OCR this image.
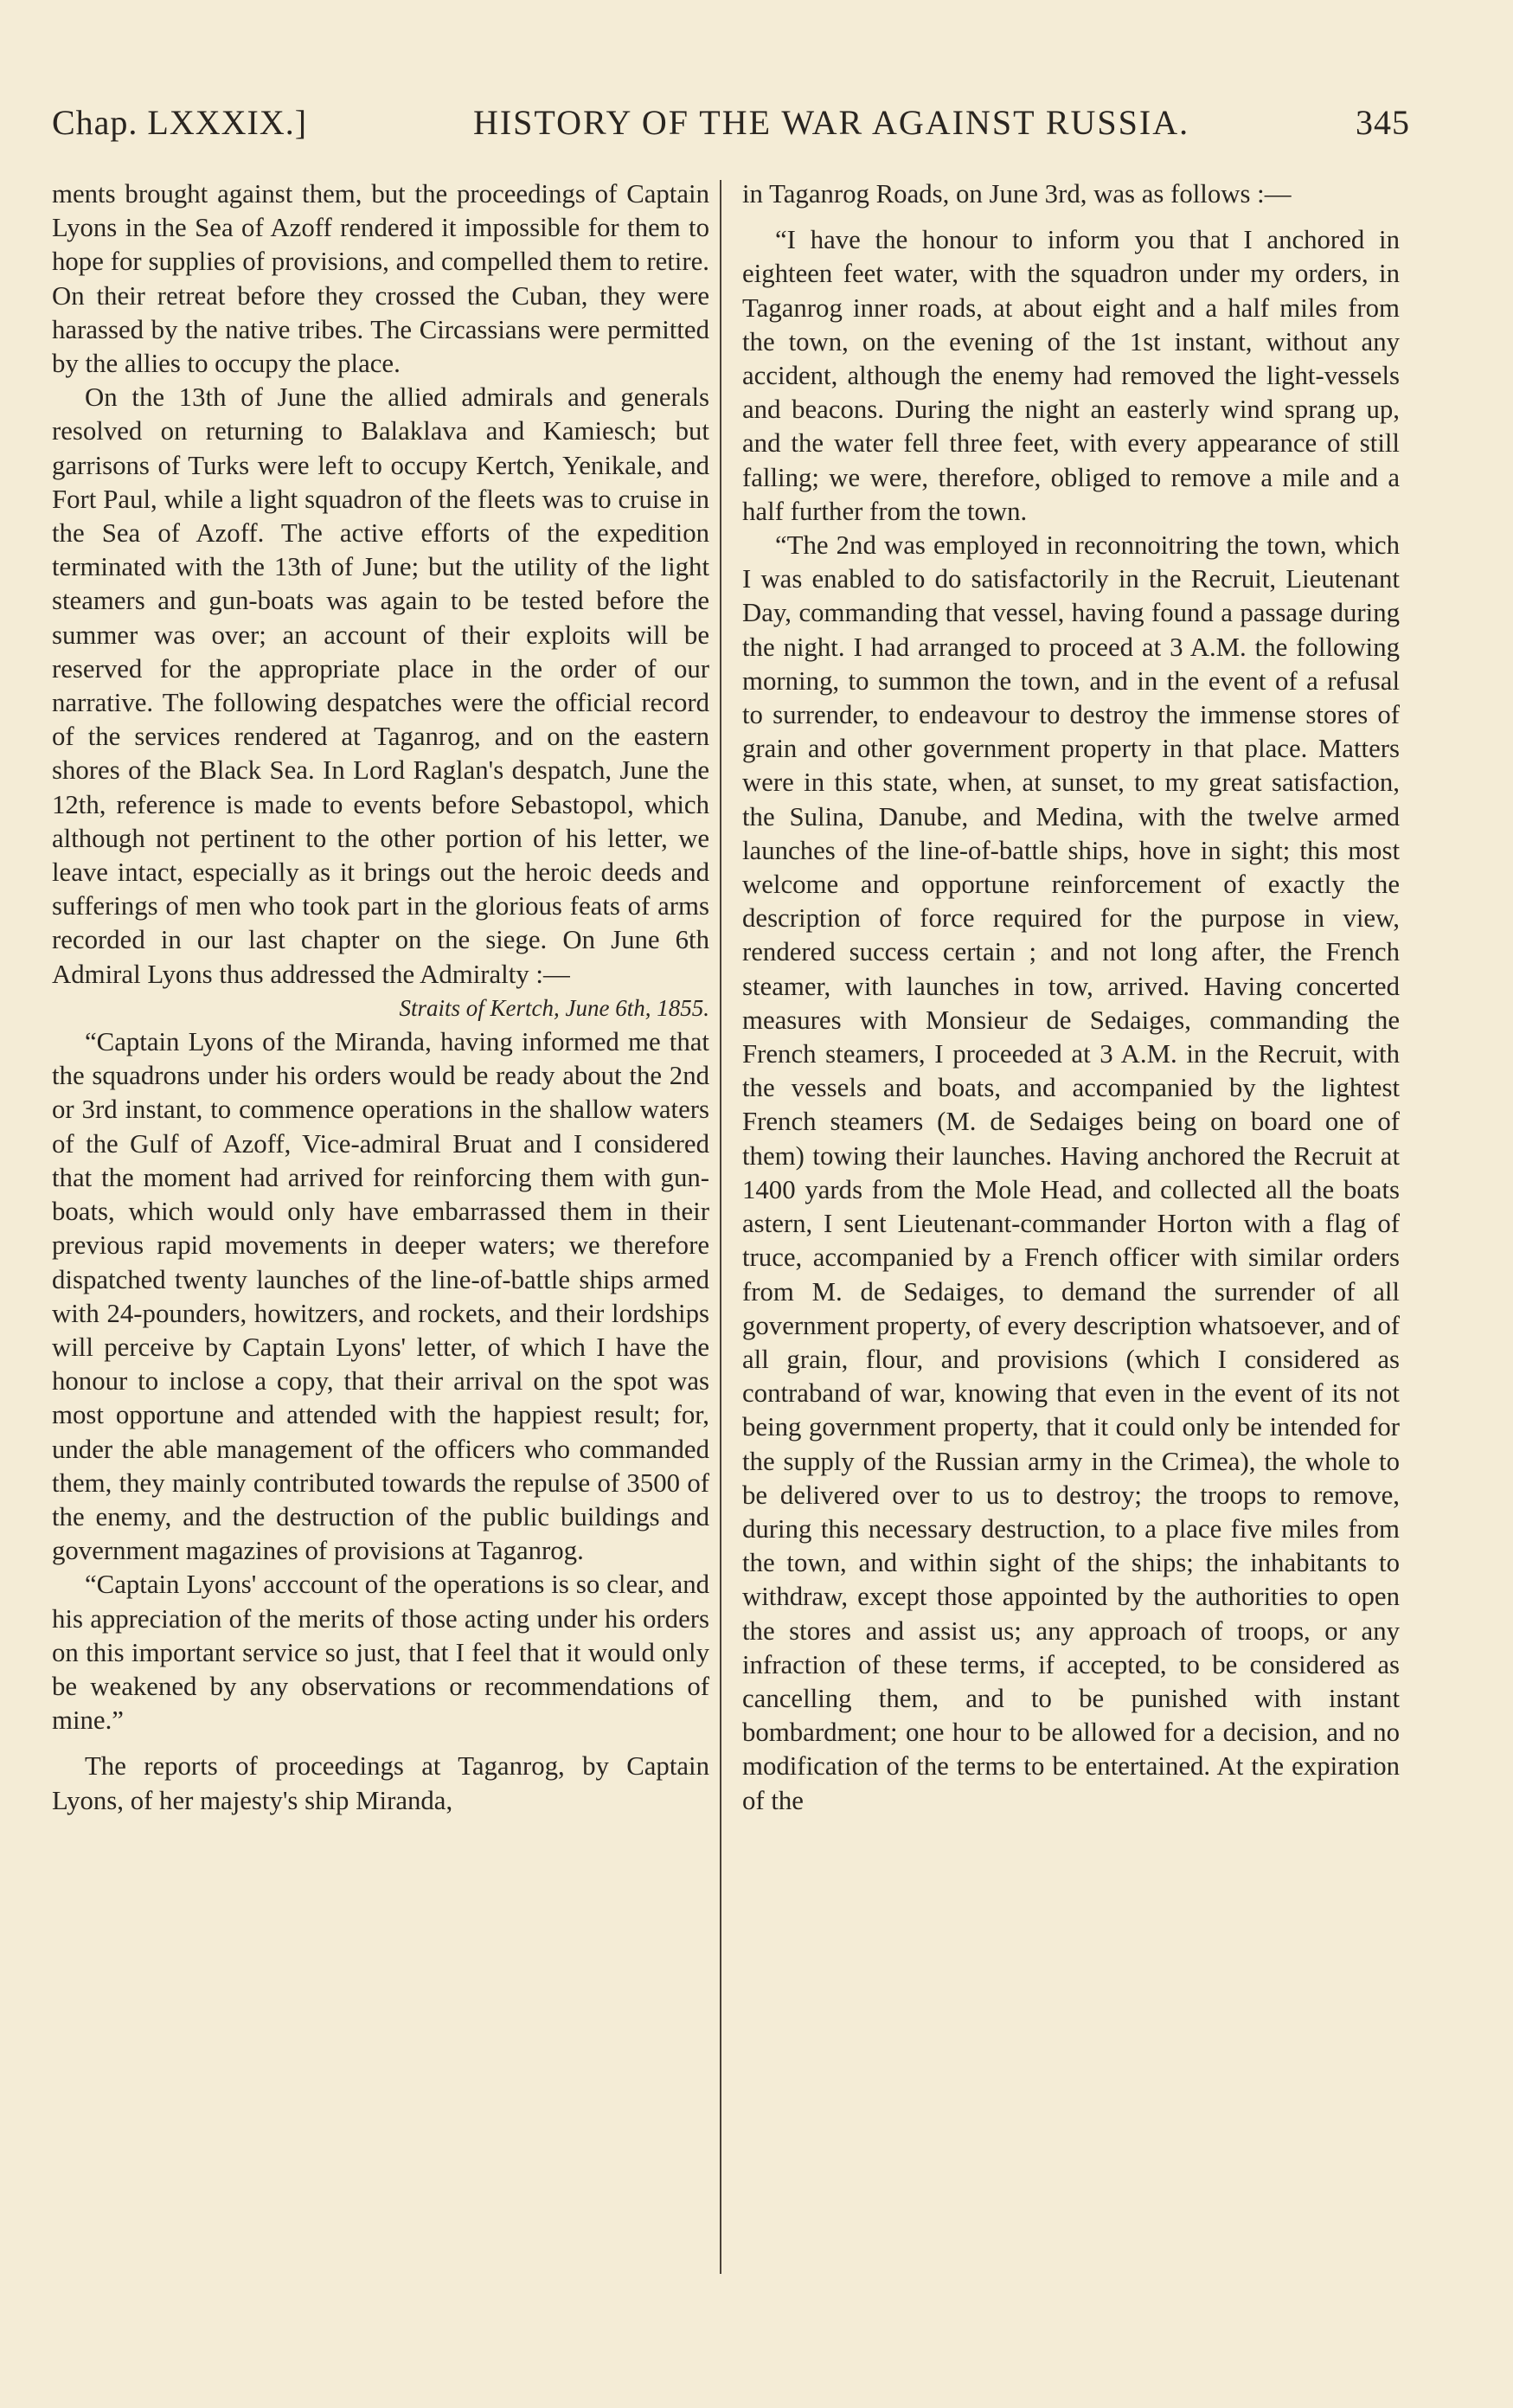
Chap. LXXXIX.]	HISTORY OF THE WAR AGAINST RUSSIA.	345

ments brought against them, but the proceedings of Captain Lyons in the Sea of Azoff rendered it impossible for them to hope for supplies of provisions, and compelled them to retire. On their retreat before they crossed the Cuban, they were harassed by the native tribes. The Circassians were permitted by the allies to occupy the place.

On the 13th of June the allied admirals and generals resolved on returning to Balaklava and Kamiesch; but garrisons of Turks were left to occupy Kertch, Yenikale, and Fort Paul, while a light squadron of the fleets was to cruise in the Sea of Azoff. The active efforts of the expedition terminated with the 13th of June; but the utility of the light steamers and gun-boats was again to be tested before the summer was over; an account of their exploits will be reserved for the appropriate place in the order of our narrative. The following despatches were the official record of the services rendered at Taganrog, and on the eastern shores of the Black Sea. In Lord Raglan's despatch, June the 12th, reference is made to events before Sebastopol, which although not pertinent to the other portion of his letter, we leave intact, especially as it brings out the heroic deeds and sufferings of men who took part in the glorious feats of arms recorded in our last chapter on the siege. On June 6th Admiral Lyons thus addressed the Admiralty :—

Straits of Kertch, June 6th, 1855.

“Captain Lyons of the Miranda, having informed me that the squadrons under his orders would be ready about the 2nd or 3rd instant, to commence operations in the shallow waters of the Gulf of Azoff, Vice-admiral Bruat and I considered that the moment had arrived for reinforcing them with gun-boats, which would only have embarrassed them in their previous rapid movements in deeper waters; we therefore dispatched twenty launches of the line-of-battle ships armed with 24-pounders, howitzers, and rockets, and their lordships will perceive by Captain Lyons' letter, of which I have the honour to inclose a copy, that their arrival on the spot was most opportune and attended with the happiest result; for, under the able management of the officers who commanded them, they mainly contributed towards the repulse of 3500 of the enemy, and the destruction of the public buildings and government magazines of provisions at Taganrog.

“Captain Lyons' acccount of the operations is so clear, and his appreciation of the merits of those acting under his orders on this important service so just, that I feel that it would only be weakened by any observations or recommendations of mine.”

The reports of proceedings at Taganrog, by Captain Lyons, of her majesty's ship Miranda,

in Taganrog Roads, on June 3rd, was as follows :—

“I have the honour to inform you that I anchored in eighteen feet water, with the squadron under my orders, in Taganrog inner roads, at about eight and a half miles from the town, on the evening of the 1st instant, without any accident, although the enemy had removed the light-vessels and beacons. During the night an easterly wind sprang up, and the water fell three feet, with every appearance of still falling; we were, therefore, obliged to remove a mile and a half further from the town.

“The 2nd was employed in reconnoitring the town, which I was enabled to do satisfactorily in the Recruit, Lieutenant Day, commanding that vessel, having found a passage during the night. I had arranged to proceed at 3 A.M. the following morning, to summon the town, and in the event of a refusal to surrender, to endeavour to destroy the immense stores of grain and other government property in that place. Matters were in this state, when, at sunset, to my great satisfaction, the Sulina, Danube, and Medina, with the twelve armed launches of the line-of-battle ships, hove in sight; this most welcome and opportune reinforcement of exactly the description of force required for the purpose in view, rendered success certain ; and not long after, the French steamer, with launches in tow, arrived. Having concerted measures with Monsieur de Sedaiges, commanding the French steamers, I proceeded at 3 A.M. in the Recruit, with the vessels and boats, and accompanied by the lightest French steamers (M. de Sedaiges being on board one of them) towing their launches. Having anchored the Recruit at 1400 yards from the Mole Head, and collected all the boats astern, I sent Lieutenant-commander Horton with a flag of truce, accompanied by a French officer with similar orders from M. de Sedaiges, to demand the surrender of all government property, of every description whatsoever, and of all grain, flour, and provisions (which I considered as contraband of war, knowing that even in the event of its not being government property, that it could only be intended for the supply of the Russian army in the Crimea), the whole to be delivered over to us to destroy; the troops to remove, during this necessary destruction, to a place five miles from the town, and within sight of the ships; the inhabitants to withdraw, except those appointed by the authorities to open the stores and assist us; any approach of troops, or any infraction of these terms, if accepted, to be considered as cancelling them, and to be punished with instant bombardment; one hour to be allowed for a decision, and no modification of the terms to be entertained. At the expiration of the
